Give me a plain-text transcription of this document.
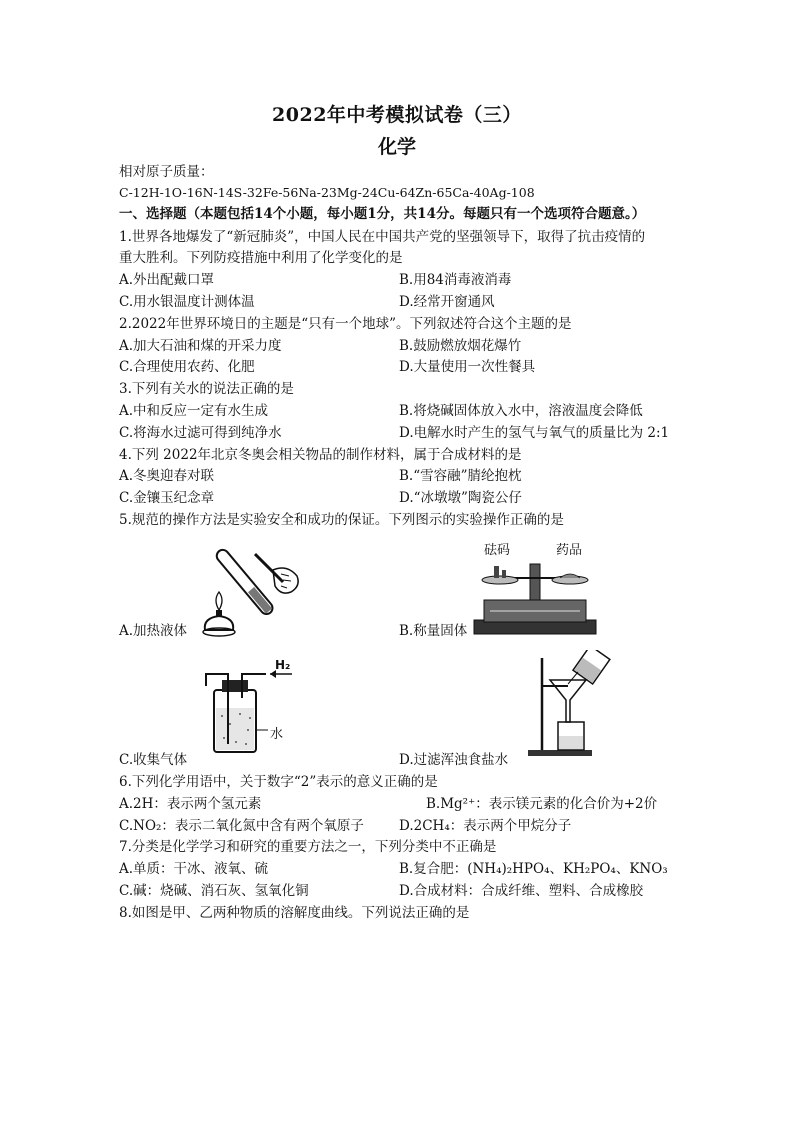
2022年中考模拟试卷（三）
化学
相对原子质量：
C-12H-1O-16N-14S-32Fe-56Na-23Mg-24Cu-64Zn-65Ca-40Ag-108
一、选择题（本题包括14个小题，每小题1分，共14分。每题只有一个选项符合题意。）
1.世界各地爆发了“新冠肺炎”，中国人民在中国共产党的坚强领导下，取得了抗击疫情的
重大胜利。下列防疫措施中利用了化学变化的是
A.外出配戴口罩	B.用84消毒液消毒
C.用水银温度计测体温	D.经常开窗通风
2.2022年世界环境日的主题是“只有一个地球”。下列叙述符合这个主题的是
A.加大石油和煤的开采力度	B.鼓励燃放烟花爆竹
C.合理使用农药、化肥	D.大量使用一次性餐具
3.下列有关水的说法正确的是
A.中和反应一定有水生成	B.将烧碱固体放入水中，溶液温度会降低
C.将海水过滤可得到纯净水	D.电解水时产生的氢气与氧气的质量比为 2:1
4.下列 2022年北京冬奥会相关物品的制作材料，属于合成材料的是
A.冬奥迎春对联	B.“雪容融”腈纶抱枕
C.金镶玉纪念章	D.“冰墩墩”陶瓷公仔
5.规范的操作方法是实验安全和成功的保证。下列图示的实验操作正确的是
砝码	药品
A.加热液体	B.称量固体
H₂
水
C.收集气体	D.过滤浑浊食盐水
6.下列化学用语中，关于数字“2”表示的意义正确的是
A.2H：表示两个氢元素	B.Mg²⁺：表示镁元素的化合价为+2价
C.NO₂：表示二氧化氮中含有两个氧原子	D.2CH₄：表示两个甲烷分子
7.分类是化学学习和研究的重要方法之一，下列分类中不正确是
A.单质：干冰、液氧、硫	B.复合肥：(NH₄)₂HPO₄、KH₂PO₄、KNO₃
C.碱：烧碱、消石灰、氢氧化铜	D.合成材料：合成纤维、塑料、合成橡胶
8.如图是甲、乙两种物质的溶解度曲线。下列说法正确的是
